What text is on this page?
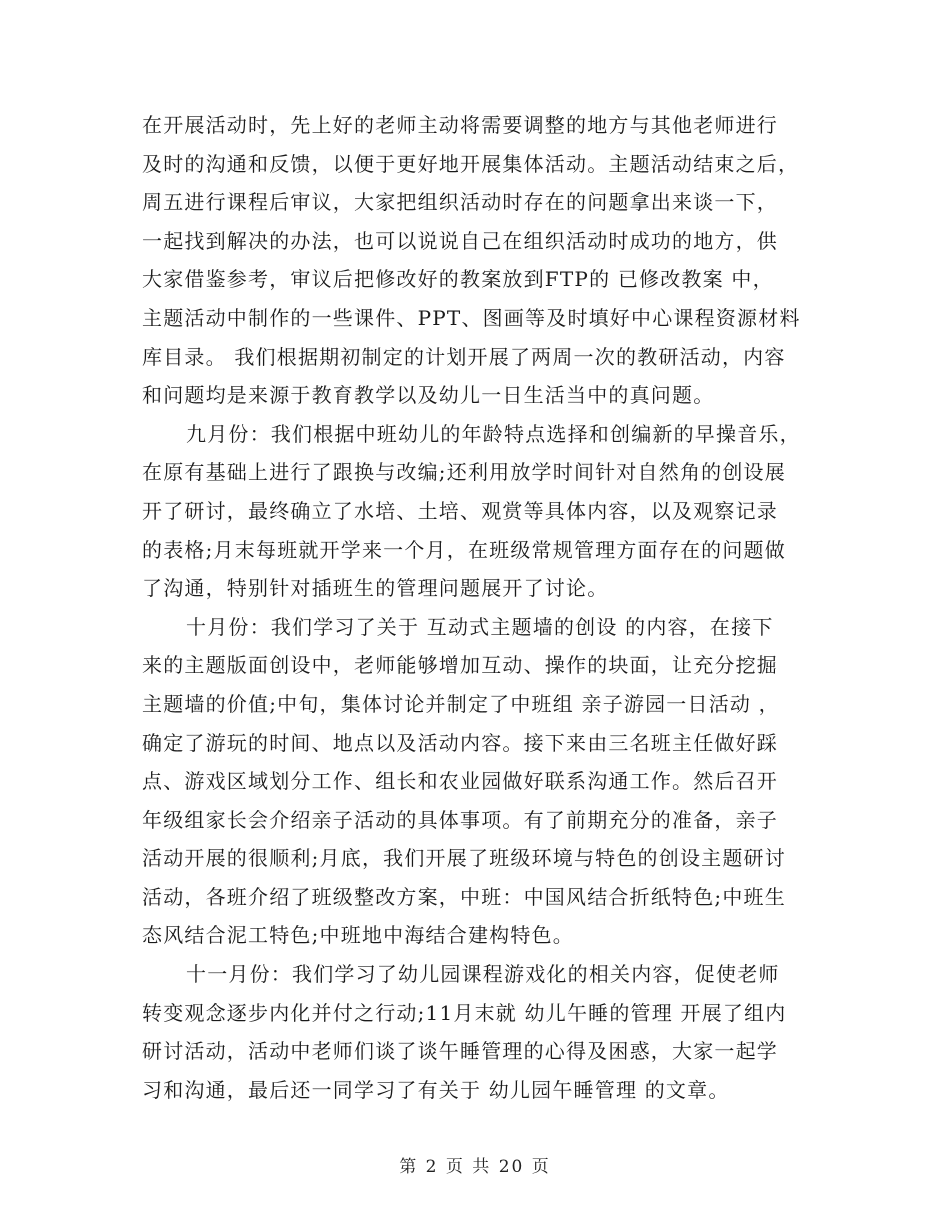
在开展活动时，先上好的老师主动将需要调整的地方与其他老师进行
及时的沟通和反馈，以便于更好地开展集体活动。主题活动结束之后，
周五进行课程后审议，大家把组织活动时存在的问题拿出来谈一下，
一起找到解决的办法，也可以说说自己在组织活动时成功的地方，供
大家借鉴参考，审议后把修改好的教案放到FTP的 已修改教案 中，
主题活动中制作的一些课件、PPT、图画等及时填好中心课程资源材料
库目录。 我们根据期初制定的计划开展了两周一次的教研活动，内容
和问题均是来源于教育教学以及幼儿一日生活当中的真问题。
九月份：我们根据中班幼儿的年龄特点选择和创编新的早操音乐，
在原有基础上进行了跟换与改编;还利用放学时间针对自然角的创设展
开了研讨，最终确立了水培、土培、观赏等具体内容，以及观察记录
的表格;月末每班就开学来一个月，在班级常规管理方面存在的问题做
了沟通，特别针对插班生的管理问题展开了讨论。
十月份：我们学习了关于 互动式主题墙的创设 的内容，在接下
来的主题版面创设中，老师能够增加互动、操作的块面，让充分挖掘
主题墙的价值;中旬，集体讨论并制定了中班组 亲子游园一日活动 ，
确定了游玩的时间、地点以及活动内容。接下来由三名班主任做好踩
点、游戏区域划分工作、组长和农业园做好联系沟通工作。然后召开
年级组家长会介绍亲子活动的具体事项。有了前期充分的准备，亲子
活动开展的很顺利;月底，我们开展了班级环境与特色的创设主题研讨
活动，各班介绍了班级整改方案，中班：中国风结合折纸特色;中班生
态风结合泥工特色;中班地中海结合建构特色。
十一月份：我们学习了幼儿园课程游戏化的相关内容，促使老师
转变观念逐步内化并付之行动;11月末就 幼儿午睡的管理 开展了组内
研讨活动，活动中老师们谈了谈午睡管理的心得及困惑，大家一起学
习和沟通，最后还一同学习了有关于 幼儿园午睡管理 的文章。
第 2 页 共 20 页
